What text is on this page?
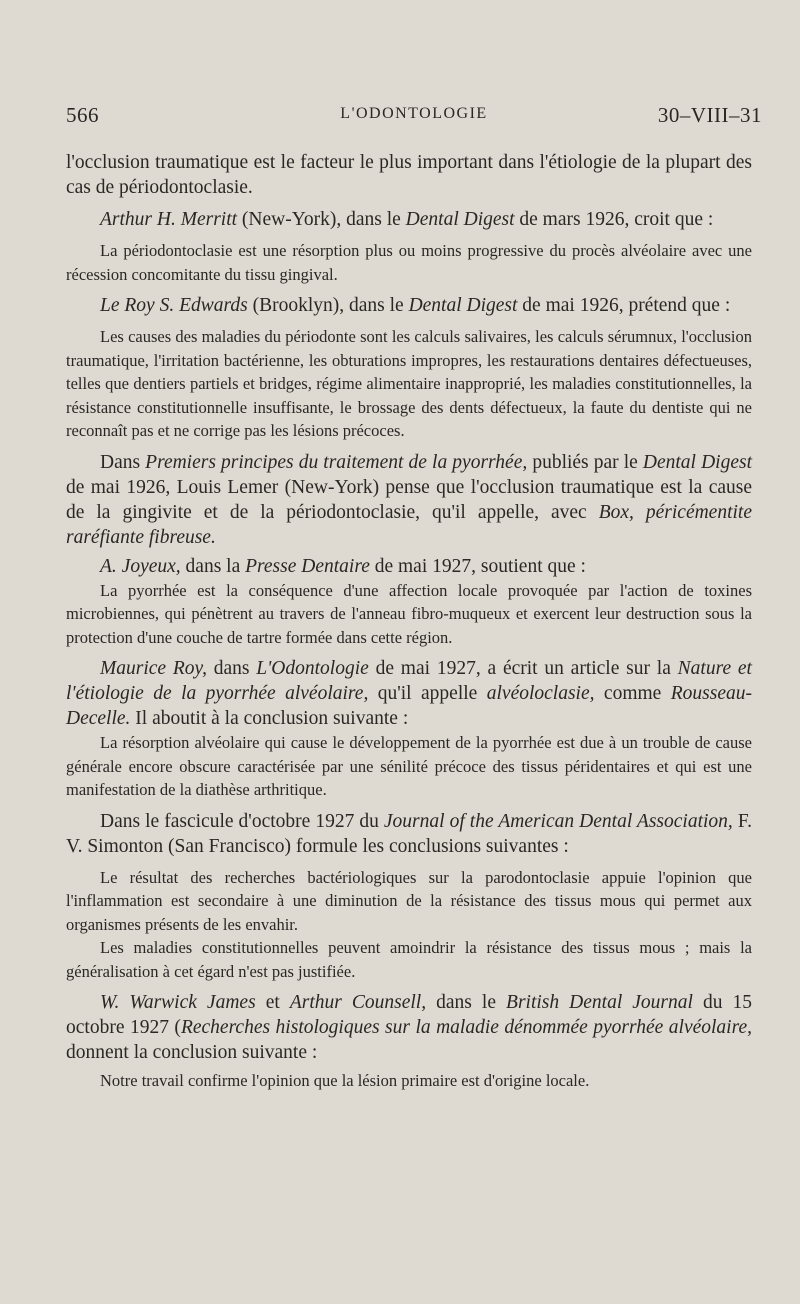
566	L'ODONTOLOGIE	30–VIII–31

l'occlusion traumatique est le facteur le plus important dans l'étiologie de la plupart des cas de périodontoclasie.

Arthur H. Merritt (New-York), dans le Dental Digest de mars 1926, croit que :

La périodontoclasie est une résorption plus ou moins progressive du procès alvéolaire avec une récession concomitante du tissu gingival.

Le Roy S. Edwards (Brooklyn), dans le Dental Digest de mai 1926, prétend que :

Les causes des maladies du périodonte sont les calculs salivaires, les calculs sérumnux, l'occlusion traumatique, l'irritation bactérienne, les obturations impropres, les restaurations dentaires défectueuses, telles que dentiers partiels et bridges, régime alimentaire inapproprié, les maladies constitutionnelles, la résistance constitutionnelle insuffisante, le brossage des dents défectueux, la faute du dentiste qui ne reconnaît pas et ne corrige pas les lésions précoces.

Dans Premiers principes du traitement de la pyorrhée, publiés par le Dental Digest de mai 1926, Louis Lemer (New-York) pense que l'occlusion traumatique est la cause de la gingivite et de la périodontoclasie, qu'il appelle, avec Box, péricémentite raréfiante fibreuse.

A. Joyeux, dans la Presse Dentaire de mai 1927, soutient que :

La pyorrhée est la conséquence d'une affection locale provoquée par l'action de toxines microbiennes, qui pénètrent au travers de l'anneau fibro-muqueux et exercent leur destruction sous la protection d'une couche de tartre formée dans cette région.

Maurice Roy, dans L'Odontologie de mai 1927, a écrit un article sur la Nature et l'étiologie de la pyorrhée alvéolaire, qu'il appelle alvéoloclasie, comme Rousseau-Decelle. Il aboutit à la conclusion suivante :

La résorption alvéolaire qui cause le développement de la pyorrhée est due à un trouble de cause générale encore obscure caractérisée par une sénilité précoce des tissus péridentaires et qui est une manifestation de la diathèse arthritique.

Dans le fascicule d'octobre 1927 du Journal of the American Dental Association, F. V. Simonton (San Francisco) formule les conclusions suivantes :

Le résultat des recherches bactériologiques sur la parodontoclasie appuie l'opinion que l'inflammation est secondaire à une diminution de la résistance des tissus mous qui permet aux organismes présents de les envahir.

Les maladies constitutionnelles peuvent amoindrir la résistance des tissus mous ; mais la généralisation à cet égard n'est pas justifiée.

W. Warwick James et Arthur Counsell, dans le British Dental Journal du 15 octobre 1927 (Recherches histologiques sur la maladie dénommée pyorrhée alvéolaire, donnent la conclusion suivante :

Notre travail confirme l'opinion que la lésion primaire est d'origine locale.
